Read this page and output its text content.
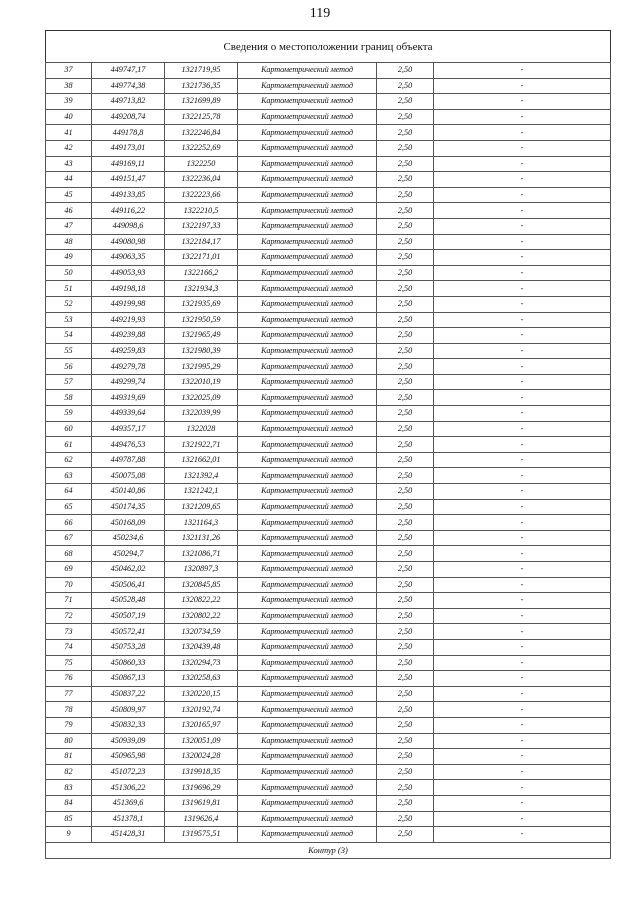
119
Сведения о местоположении границ объекта					
37	449747,17	1321719,95	Картометрический метод	2,50	-
38	449774,38	1321736,35	Картометрический метод	2,50	-
39	449713,82	1321699,89	Картометрический метод	2,50	-
40	449208,74	1322125,78	Картометрический метод	2,50	-
41	449178,8	1322246,84	Картометрический метод	2,50	-
42	449173,01	1322252,69	Картометрический метод	2,50	-
43	449169,11	1322250	Картометрический метод	2,50	-
44	449151,47	1322236,04	Картометрический метод	2,50	-
45	449133,85	1322223,66	Картометрический метод	2,50	-
46	449116,22	1322210,5	Картометрический метод	2,50	-
47	449098,6	1322197,33	Картометрический метод	2,50	-
48	449080,98	1322184,17	Картометрический метод	2,50	-
49	449063,35	1322171,01	Картометрический метод	2,50	-
50	449053,93	1322166,2	Картометрический метод	2,50	-
51	449198,18	1321934,3	Картометрический метод	2,50	-
52	449199,98	1321935,69	Картометрический метод	2,50	-
53	449219,93	1321950,59	Картометрический метод	2,50	-
54	449239,88	1321965,49	Картометрический метод	2,50	-
55	449259,83	1321980,39	Картометрический метод	2,50	-
56	449279,78	1321995,29	Картометрический метод	2,50	-
57	449299,74	1322010,19	Картометрический метод	2,50	-
58	449319,69	1322025,09	Картометрический метод	2,50	-
59	449339,64	1322039,99	Картометрический метод	2,50	-
60	449357,17	1322028	Картометрический метод	2,50	-
61	449476,53	1321922,71	Картометрический метод	2,50	-
62	449787,88	1321662,01	Картометрический метод	2,50	-
63	450075,08	1321392,4	Картометрический метод	2,50	-
64	450140,86	1321242,1	Картометрический метод	2,50	-
65	450174,35	1321209,65	Картометрический метод	2,50	-
66	450168,09	1321164,3	Картометрический метод	2,50	-
67	450234,6	1321131,26	Картометрический метод	2,50	-
68	450294,7	1321086,71	Картометрический метод	2,50	-
69	450462,02	1320897,3	Картометрический метод	2,50	-
70	450506,41	1320845,85	Картометрический метод	2,50	-
71	450528,48	1320822,22	Картометрический метод	2,50	-
72	450507,19	1320802,22	Картометрический метод	2,50	-
73	450572,41	1320734,59	Картометрический метод	2,50	-
74	450753,28	1320439,48	Картометрический метод	2,50	-
75	450860,33	1320294,73	Картометрический метод	2,50	-
76	450867,13	1320258,63	Картометрический метод	2,50	-
77	450837,22	1320220,15	Картометрический метод	2,50	-
78	450809,97	1320192,74	Картометрический метод	2,50	-
79	450832,33	1320165,97	Картометрический метод	2,50	-
80	450939,09	1320051,09	Картометрический метод	2,50	-
81	450965,98	1320024,28	Картометрический метод	2,50	-
82	451072,23	1319918,35	Картометрический метод	2,50	-
83	451306,22	1319696,29	Картометрический метод	2,50	-
84	451369,6	1319619,81	Картометрический метод	2,50	-
85	451378,1	1319626,4	Картометрический метод	2,50	-
9	451428,31	1319575,51	Картометрический метод	2,50	-
Контур (3)					
